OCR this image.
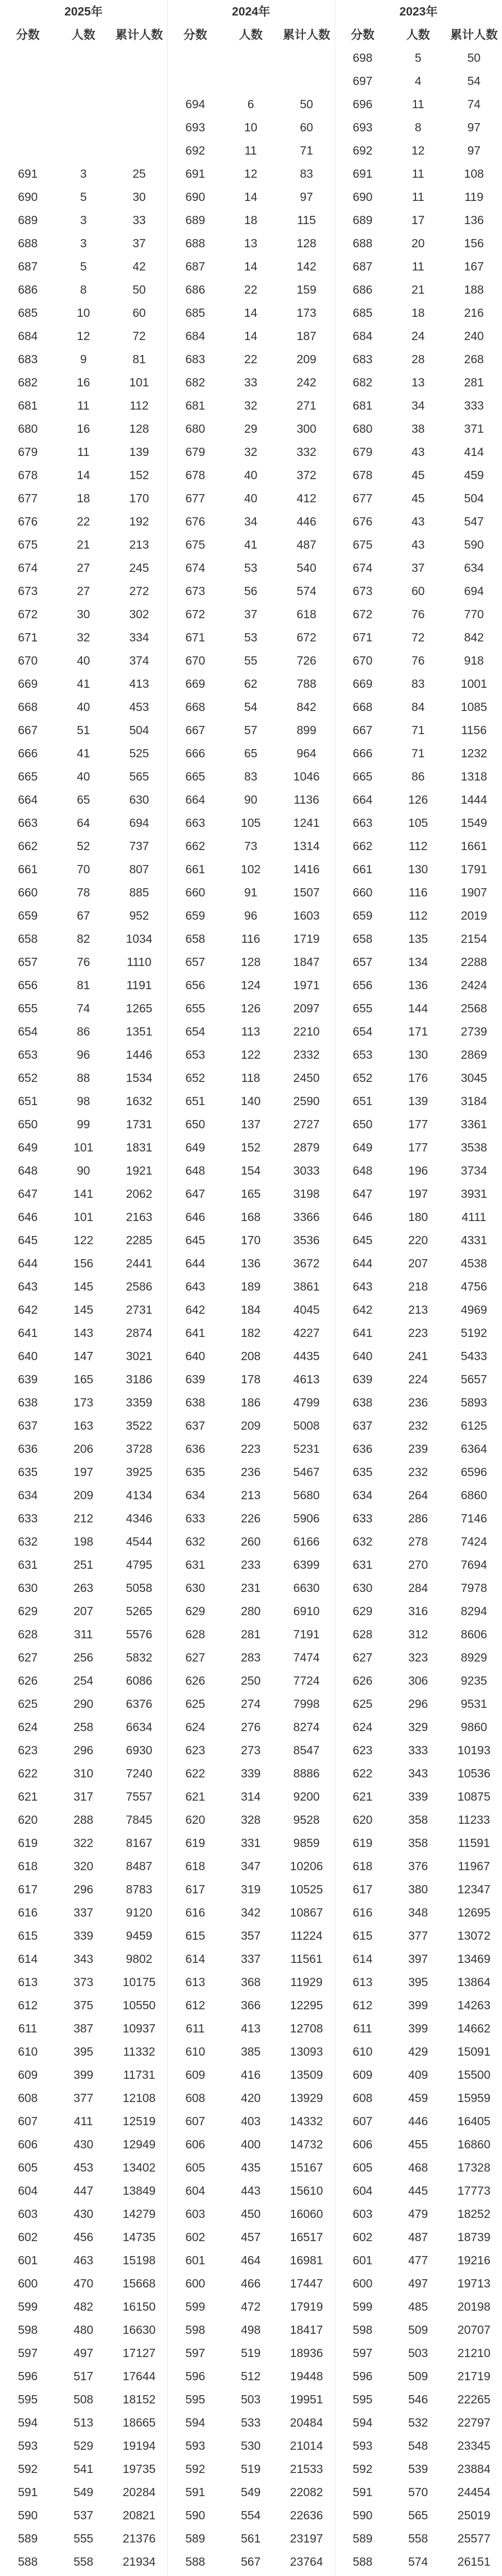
2025年			2024年			2023年		
分数	人数	累计人数	分数	人数	累计人数	分数	人数	累计人数
						698	5	50
						697	4	54
			694	6	50	696	11	74
			693	10	60	693	8	97
			692	11	71	692	12	97
691	3	25	691	12	83	691	11	108
690	5	30	690	14	97	690	11	119
689	3	33	689	18	115	689	17	136
688	3	37	688	13	128	688	20	156
687	5	42	687	14	142	687	11	167
686	8	50	686	22	159	686	21	188
685	10	60	685	14	173	685	18	216
684	12	72	684	14	187	684	24	240
683	9	81	683	22	209	683	28	268
682	16	101	682	33	242	682	13	281
681	11	112	681	32	271	681	34	333
680	16	128	680	29	300	680	38	371
679	11	139	679	32	332	679	43	414
678	14	152	678	40	372	678	45	459
677	18	170	677	40	412	677	45	504
676	22	192	676	34	446	676	43	547
675	21	213	675	41	487	675	43	590
674	27	245	674	53	540	674	37	634
673	27	272	673	56	574	673	60	694
672	30	302	672	37	618	672	76	770
671	32	334	671	53	672	671	72	842
670	40	374	670	55	726	670	76	918
669	41	413	669	62	788	669	83	1001
668	40	453	668	54	842	668	84	1085
667	51	504	667	57	899	667	71	1156
666	41	525	666	65	964	666	71	1232
665	40	565	665	83	1046	665	86	1318
664	65	630	664	90	1136	664	126	1444
663	64	694	663	105	1241	663	105	1549
662	52	737	662	73	1314	662	112	1661
661	70	807	661	102	1416	661	130	1791
660	78	885	660	91	1507	660	116	1907
659	67	952	659	96	1603	659	112	2019
658	82	1034	658	116	1719	658	135	2154
657	76	1110	657	128	1847	657	134	2288
656	81	1191	656	124	1971	656	136	2424
655	74	1265	655	126	2097	655	144	2568
654	86	1351	654	113	2210	654	171	2739
653	96	1446	653	122	2332	653	130	2869
652	88	1534	652	118	2450	652	176	3045
651	98	1632	651	140	2590	651	139	3184
650	99	1731	650	137	2727	650	177	3361
649	101	1831	649	152	2879	649	177	3538
648	90	1921	648	154	3033	648	196	3734
647	141	2062	647	165	3198	647	197	3931
646	101	2163	646	168	3366	646	180	4111
645	122	2285	645	170	3536	645	220	4331
644	156	2441	644	136	3672	644	207	4538
643	145	2586	643	189	3861	643	218	4756
642	145	2731	642	184	4045	642	213	4969
641	143	2874	641	182	4227	641	223	5192
640	147	3021	640	208	4435	640	241	5433
639	165	3186	639	178	4613	639	224	5657
638	173	3359	638	186	4799	638	236	5893
637	163	3522	637	209	5008	637	232	6125
636	206	3728	636	223	5231	636	239	6364
635	197	3925	635	236	5467	635	232	6596
634	209	4134	634	213	5680	634	264	6860
633	212	4346	633	226	5906	633	286	7146
632	198	4544	632	260	6166	632	278	7424
631	251	4795	631	233	6399	631	270	7694
630	263	5058	630	231	6630	630	284	7978
629	207	5265	629	280	6910	629	316	8294
628	311	5576	628	281	7191	628	312	8606
627	256	5832	627	283	7474	627	323	8929
626	254	6086	626	250	7724	626	306	9235
625	290	6376	625	274	7998	625	296	9531
624	258	6634	624	276	8274	624	329	9860
623	296	6930	623	273	8547	623	333	10193
622	310	7240	622	339	8886	622	343	10536
621	317	7557	621	314	9200	621	339	10875
620	288	7845	620	328	9528	620	358	11233
619	322	8167	619	331	9859	619	358	11591
618	320	8487	618	347	10206	618	376	11967
617	296	8783	617	319	10525	617	380	12347
616	337	9120	616	342	10867	616	348	12695
615	339	9459	615	357	11224	615	377	13072
614	343	9802	614	337	11561	614	397	13469
613	373	10175	613	368	11929	613	395	13864
612	375	10550	612	366	12295	612	399	14263
611	387	10937	611	413	12708	611	399	14662
610	395	11332	610	385	13093	610	429	15091
609	399	11731	609	416	13509	609	409	15500
608	377	12108	608	420	13929	608	459	15959
607	411	12519	607	403	14332	607	446	16405
606	430	12949	606	400	14732	606	455	16860
605	453	13402	605	435	15167	605	468	17328
604	447	13849	604	443	15610	604	445	17773
603	430	14279	603	450	16060	603	479	18252
602	456	14735	602	457	16517	602	487	18739
601	463	15198	601	464	16981	601	477	19216
600	470	15668	600	466	17447	600	497	19713
599	482	16150	599	472	17919	599	485	20198
598	480	16630	598	498	18417	598	509	20707
597	497	17127	597	519	18936	597	503	21210
596	517	17644	596	512	19448	596	509	21719
595	508	18152	595	503	19951	595	546	22265
594	513	18665	594	533	20484	594	532	22797
593	529	19194	593	530	21014	593	548	23345
592	541	19735	592	519	21533	592	539	23884
591	549	20284	591	549	22082	591	570	24454
590	537	20821	590	554	22636	590	565	25019
589	555	21376	589	561	23197	589	558	25577
588	558	21934	588	567	23764	588	574	26151
